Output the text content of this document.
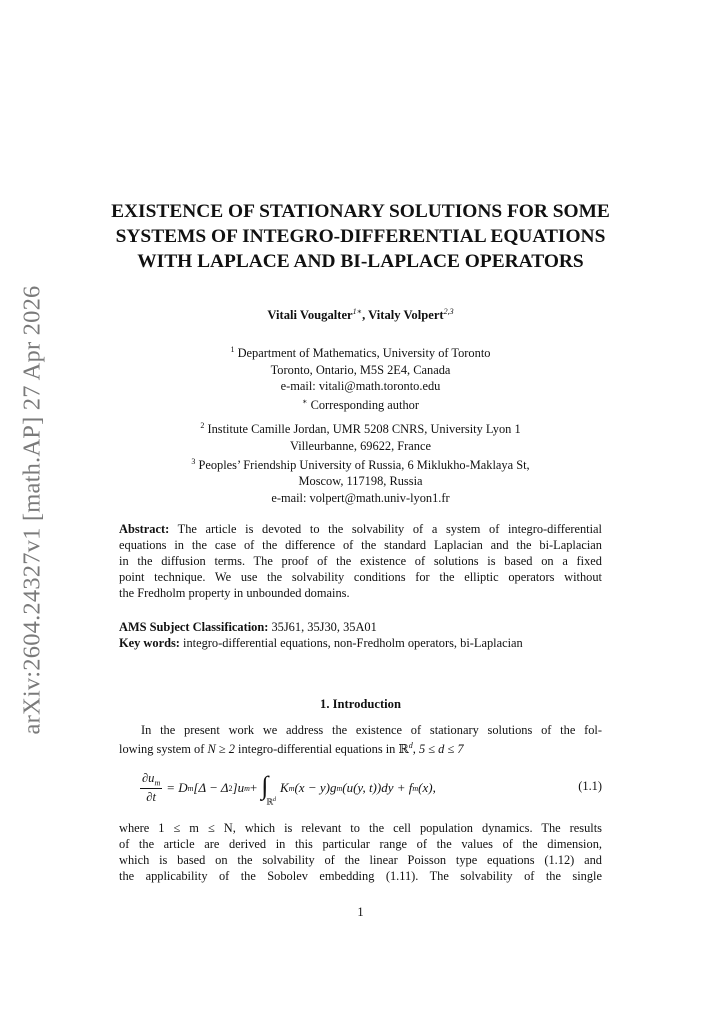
arXiv:2604.24327v1 [math.AP] 27 Apr 2026
EXISTENCE OF STATIONARY SOLUTIONS FOR SOME
SYSTEMS OF INTEGRO-DIFFERENTIAL EQUATIONS
WITH LAPLACE AND BI-LAPLACE OPERATORS
Vitali Vougalter$^{1∗}$, Vitaly Volpert$^{2,3}$
$^1$ Department of Mathematics, University of Toronto
Toronto, Ontario, M5S 2E4, Canada
e-mail: vitali@math.toronto.edu
∗ Corresponding author
$^2$ Institute Camille Jordan, UMR 5208 CNRS, University Lyon 1
Villeurbanne, 69622, France
$^3$ Peoples’ Friendship University of Russia, 6 Miklukho-Maklaya St,
Moscow, 117198, Russia
e-mail: volpert@math.univ-lyon1.fr
Abstract: The article is devoted to the solvability of a system of integro-differential
equations in the case of the difference of the standard Laplacian and the bi-Laplacian
in the diffusion terms. The proof of the existence of solutions is based on a fixed
point technique. We use the solvability conditions for the elliptic operators without
the Fredholm property in unbounded domains.
AMS Subject Classification: 35J61, 35J30, 35A01
Key words: integro-differential equations, non-Fredholm operators, bi-Laplacian
1. Introduction
In the present work we address the existence of stationary solutions of the fol-
lowing system of N ≥ 2 integro-differential equations in ℝ$^d$, 5 ≤ d ≤ 7
$\frac{\partial u_m}{\partial t} = D$ m [Δ − Δ 2 ]u m + ∫
ℝ$^d$
K m (x − y)g m (u(y, t))dy + f m (x),	(1.1)
where 1 ≤ m ≤ N, which is relevant to the cell population dynamics. The results
of the article are derived in this particular range of the values of the dimension,
which is based on the solvability of the linear Poisson type equations (1.12) and
the applicability of the Sobolev embedding (1.11). The solvability of the single
1
